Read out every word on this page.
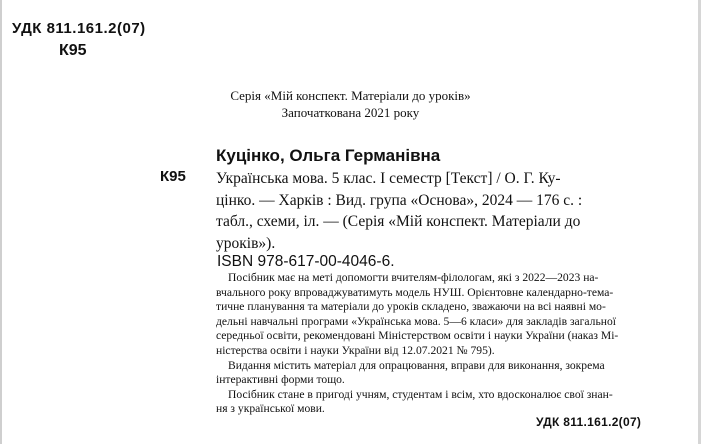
УДК 811.161.2(07)
К95
Серія «Мій конспект. Матеріали до уроків»
Започаткована 2021 року
Куцінко, Ольга Германівна
К95 Українська мова. 5 клас. I семестр [Текст] / О. Г. Ку-
цінко. — Харків : Вид. група «Основа», 2024 — 176 с. :
табл., схеми, іл. — (Серія «Мій конспект. Матеріали до
уроків»).
ISBN 978-617-00-4046-6.
Посібник має на меті допомогти вчителям-філологам, які з 2022—2023 на-
вчального року впроваджуватимуть модель НУШ. Орієнтовне календарно-тема-
тичне планування та матеріали до уроків складено, зважаючи на всі наявні мо-
дельні навчальні програми «Українська мова. 5—6 класи» для закладів загальної
середньої освіти, рекомендовані Міністерством освіти і науки України (наказ Мі-
ністерства освіти і науки України від 12.07.2021 № 795).
Видання містить матеріал для опрацювання, вправи для виконання, зокрема
інтерактивні форми тощо.
Посібник стане в пригоді учням, студентам і всім, хто вдосконалює свої знан-
ня з української мови.
УДК 811.161.2(07)
